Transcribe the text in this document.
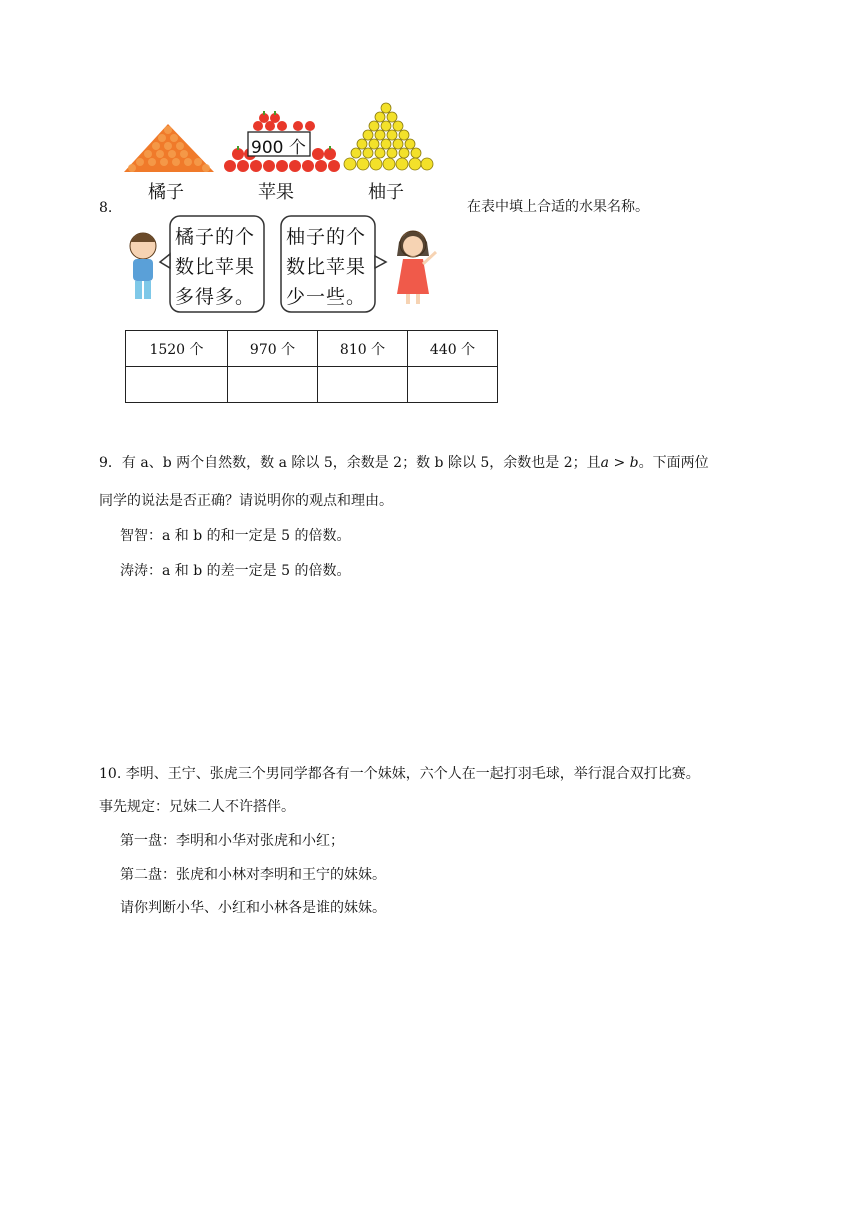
8.	在表中填上合适的水果名称。
橘子	苹果	柚子
900 个
橘子的个
数比苹果
多得多。
柚子的个
数比苹果
少一些。
1520 个	970 个	810 个	440 个

9．有 a、b 两个自然数，数 a 除以 5，余数是 2；数 b 除以 5，余数也是 2；且a > b。下面两位
同学的说法是否正确？请说明你的观点和理由。
智智：a 和 b 的和一定是 5 的倍数。
涛涛：a 和 b 的差一定是 5 的倍数。
10. 李明、王宁、张虎三个男同学都各有一个妹妹，六个人在一起打羽毛球，举行混合双打比赛。
事先规定：兄妹二人不许搭伴。
第一盘：李明和小华对张虎和小红；
第二盘：张虎和小林对李明和王宁的妹妹。
请你判断小华、小红和小林各是谁的妹妹。
